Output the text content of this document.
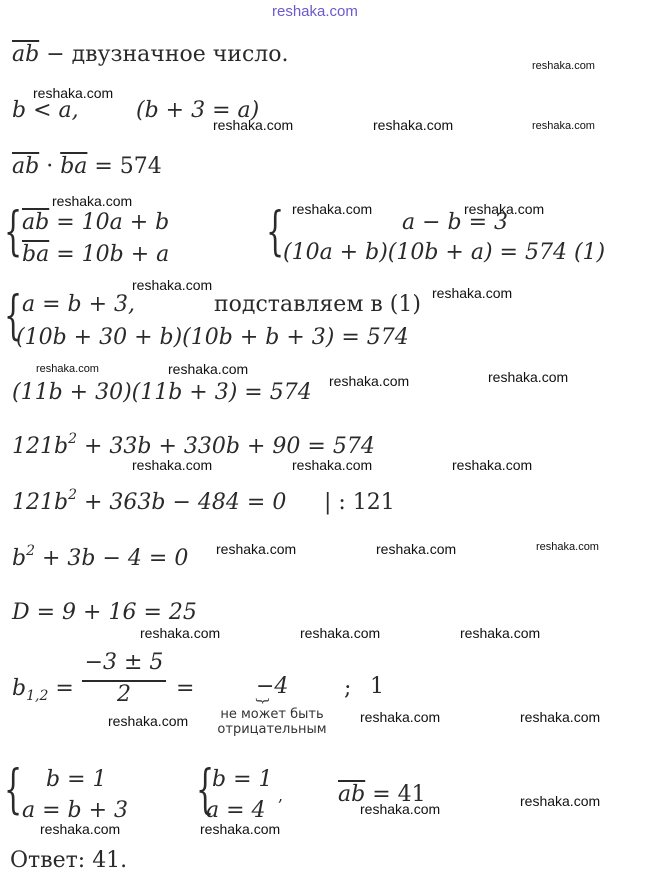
reshaka.com
reshaka.com
reshaka.com
reshaka.com	reshaka.com	reshaka.com
reshaka.com	reshaka.com	reshaka.com
reshaka.com	reshaka.com
reshaka.com	reshaka.com
reshaka.com	reshaka.com
reshaka.com	reshaka.com	reshaka.com
reshaka.com	reshaka.com	reshaka.com
reshaka.com	reshaka.com	reshaka.com
reshaka.com	reshaka.com	reshaka.com
reshaka.com	reshaka.com
reshaka.com	reshaka.com
$\overline{ab}$ − двузначное число.
b < a,	(b + 3 = a)
$\overline{ab} \cdot \overline{ba} = 574$
{ $\overline{ab} = 10a + b$
$\overline{ba} = 10b + a$ {	a − b = 3
(10a + b)(10b + a) = 574 (1)
{ a = b + 3,	подставляем в (1)
(10b + 30 + b)(10b + b + 3) = 574
(11b + 30)(11b + 3) = 574
$121b^2 + 33b + 330b + 90 = 574$
$121b^2 + 363b - 484 = 0$ | : 121
$b^2 + 3b - 4 = 0$
D = 9 + 16 = 25
$b_{1,2}$ =
−3 ± 5
2	=	−4
}	; 1
не может быть
отрицательным
{ b = 1
a = b + 3 {
b = 1
a = 4
, $\overline{ab} = 41$
Ответ: 41.
